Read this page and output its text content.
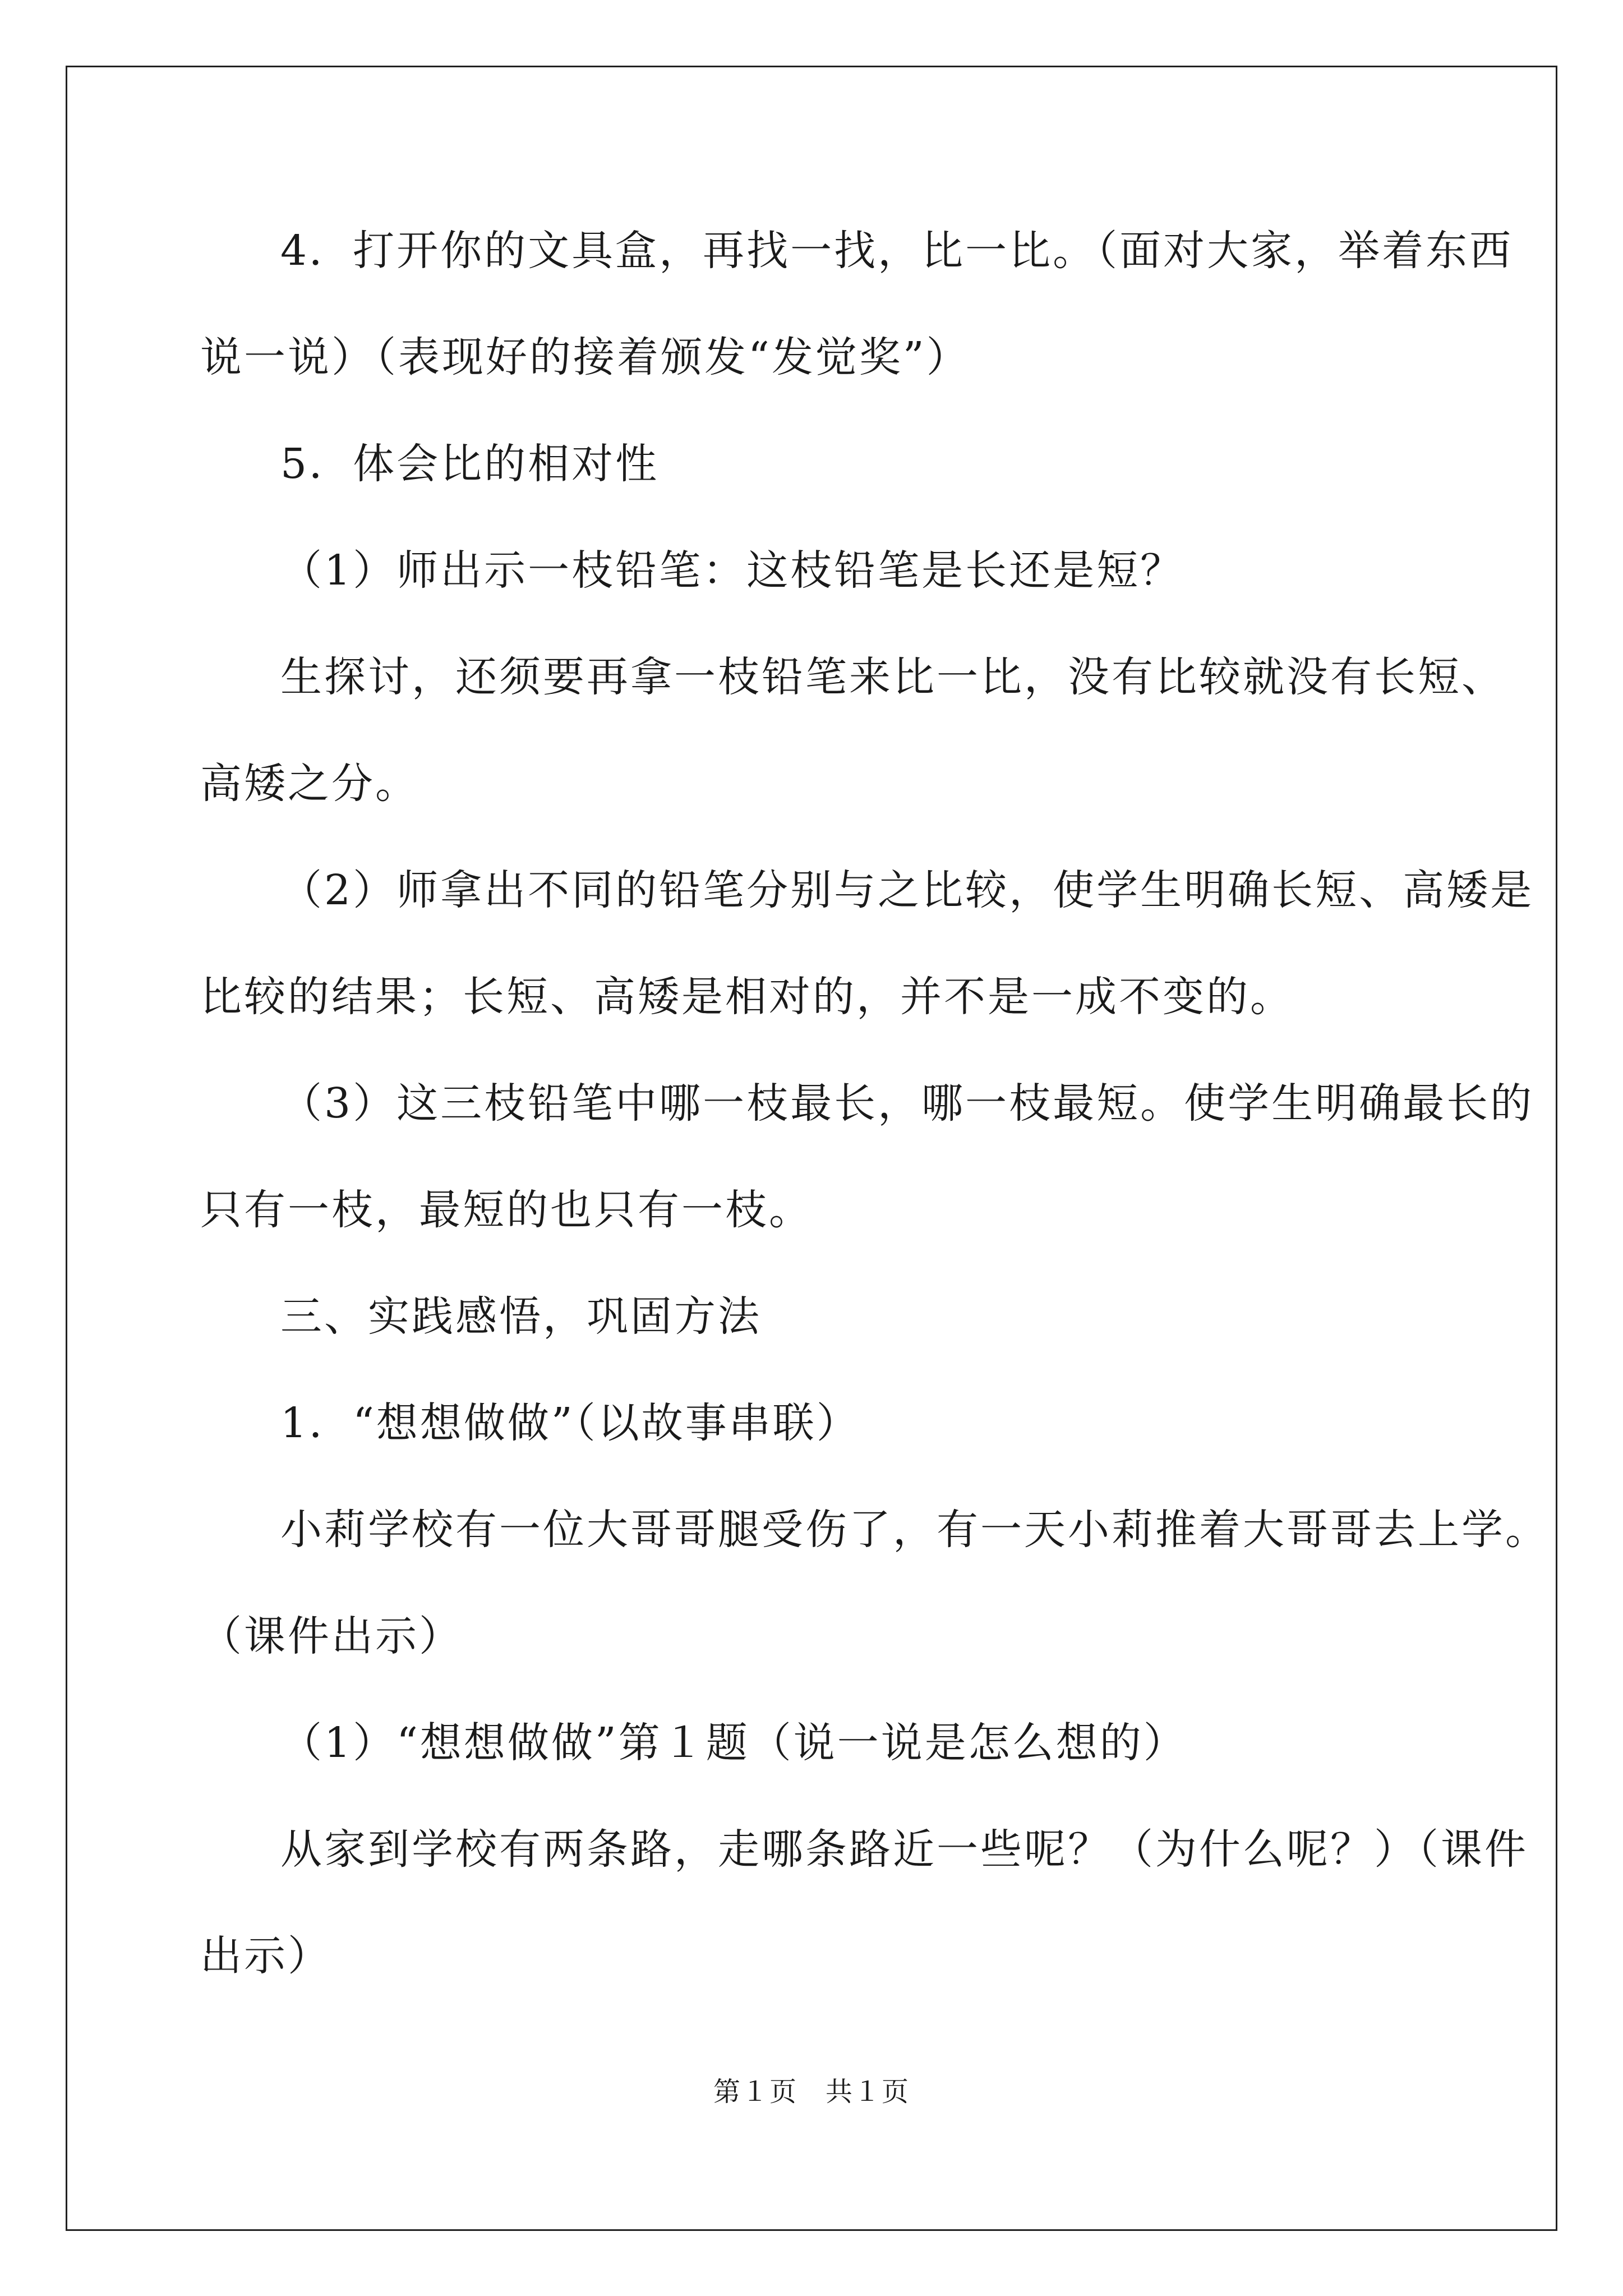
4．打开你的文具盒，再找一找，比一比。（面对大家，举着东西
说一说）（表现好的接着颁发“发觉奖”）
5．体会比的相对性
（1）师出示一枝铅笔：这枝铅笔是长还是短？
生探讨，还须要再拿一枝铅笔来比一比，没有比较就没有长短、
高矮之分。
（2）师拿出不同的铅笔分别与之比较，使学生明确长短、高矮是
比较的结果；长短、高矮是相对的，并不是一成不变的。
（3）这三枝铅笔中哪一枝最长，哪一枝最短。使学生明确最长的
只有一枝，最短的也只有一枝。
三、实践感悟，巩固方法
1．“想想做做”（以故事串联）
小莉学校有一位大哥哥腿受伤了，有一天小莉推着大哥哥去上学。
（课件出示）
（1）“想想做做”第１题（说一说是怎么想的）
从家到学校有两条路，走哪条路近一些呢？（为什么呢？）（课件
出示）
第１页　共１页
